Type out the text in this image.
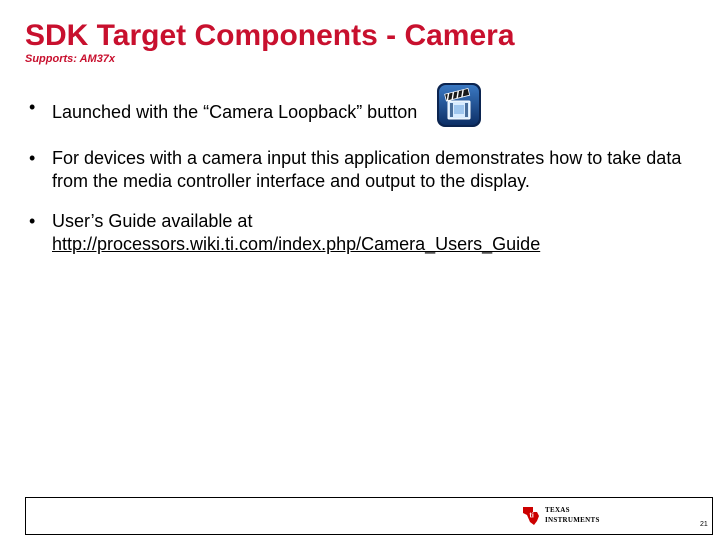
SDK Target Components - Camera
Supports: AM37x
• Launched with the “Camera Loopback” button
• For devices with a camera input this application demonstrates how to take data from the media controller interface and output to the display.
• User’s Guide available at
http://processors.wiki.ti.com/index.php/Camera_Users_Guide
ti
TEXAS
INSTRUMENTS
21
